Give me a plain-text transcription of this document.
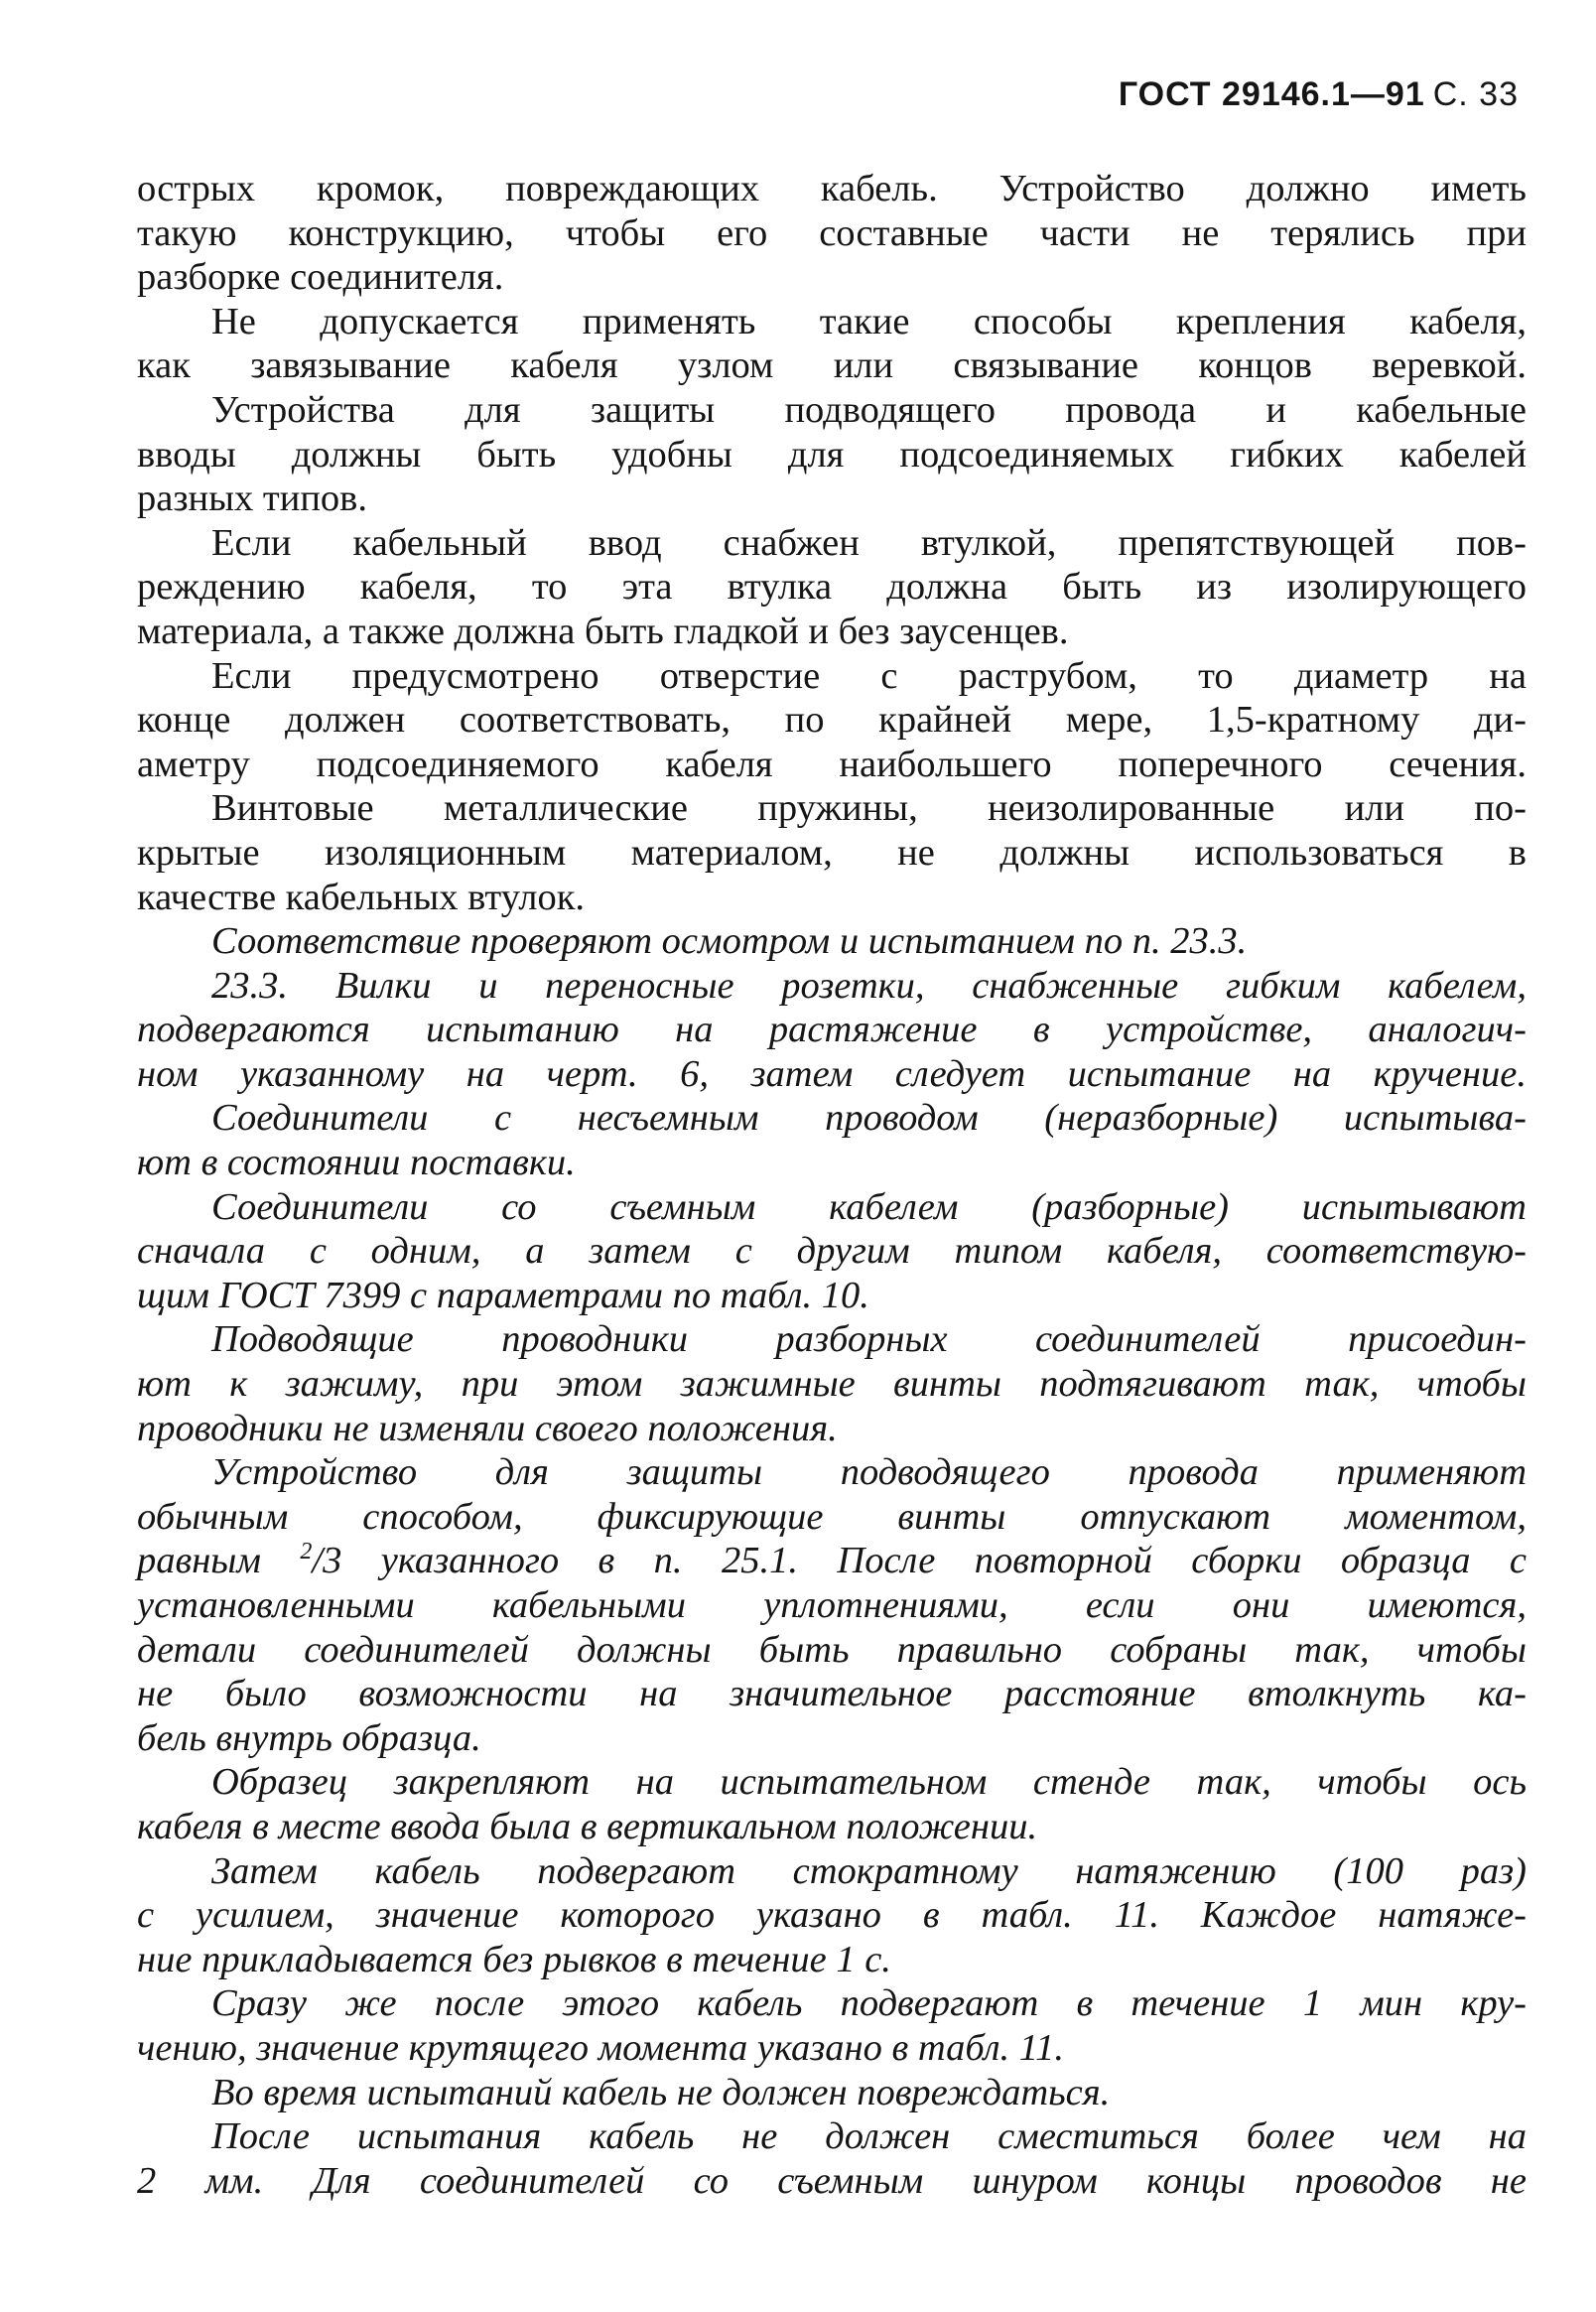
ГОСТ 29146.1—91 С. 33
острых кромок, повреждающих кабель. Устройство должно иметь
такую конструкцию, чтобы его составные части не терялись при
разборке соединителя.
Не допускается применять такие способы крепления кабеля,
как завязывание кабеля узлом или связывание концов веревкой.
Устройства для защиты подводящего провода и кабельные
вводы должны быть удобны для подсоединяемых гибких кабелей
разных типов.
Если кабельный ввод снабжен втулкой, препятствующей пов-
реждению кабеля, то эта втулка должна быть из изолирующего
материала, а также должна быть гладкой и без заусенцев.
Если предусмотрено отверстие с раструбом, то диаметр на
конце должен соответствовать, по крайней мере, 1,5-кратному ди-
аметру подсоединяемого кабеля наибольшего поперечного сечения.
Винтовые металлические пружины, неизолированные или по-
крытые изоляционным материалом, не должны использоваться в
качестве кабельных втулок.
Соответствие проверяют осмотром и испытанием по п. 23.3.
23.3. Вилки и переносные розетки, снабженные гибким кабелем,
подвергаются испытанию на растяжение в устройстве, аналогич-
ном указанному на черт. 6, затем следует испытание на кручение.
Соединители с несъемным проводом (неразборные) испытыва-
ют в состоянии поставки.
Соединители со съемным кабелем (разборные) испытывают
сначала с одним, а затем с другим типом кабеля, соответствую-
щим ГОСТ 7399 с параметрами по табл. 10.
Подводящие проводники разборных соединителей присоедин-
ют к зажиму, при этом зажимные винты подтягивают так, чтобы
проводники не изменяли своего положения.
Устройство для защиты подводящего провода применяют
обычным способом, фиксирующие винты отпускают моментом,
равным $^2$/3 указанного в п. 25.1. После повторной сборки образца с
установленными кабельными уплотнениями, если они имеются,
детали соединителей должны быть правильно собраны так, чтобы
не было возможности на значительное расстояние втолкнуть ка-
бель внутрь образца.
Образец закрепляют на испытательном стенде так, чтобы ось
кабеля в месте ввода была в вертикальном положении.
Затем кабель подвергают стократному натяжению (100 раз)
с усилием, значение которого указано в табл. 11. Каждое натяже-
ние прикладывается без рывков в течение 1 с.
Сразу же после этого кабель подвергают в течение 1 мин кру-
чению, значение крутящего момента указано в табл. 11.
Во время испытаний кабель не должен повреждаться.
После испытания кабель не должен сместиться более чем на
2 мм. Для соединителей со съемным шнуром концы проводов не
